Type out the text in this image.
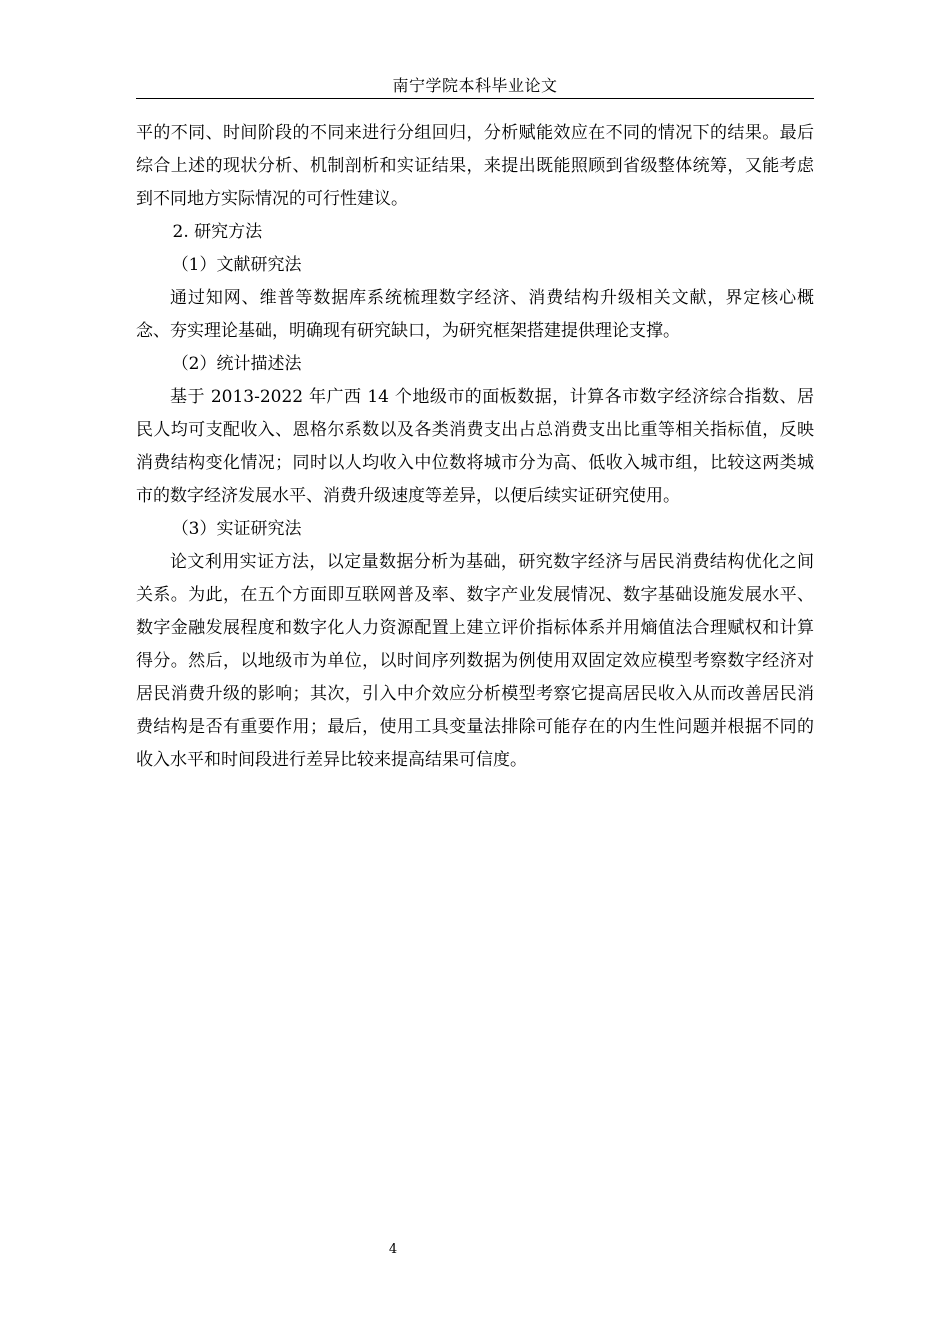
南宁学院本科毕业论文

平的不同、时间阶段的不同来进行分组回归，分析赋能效应在不同的情况下的结果。最后综合上述的现状分析、机制剖析和实证结果，来提出既能照顾到省级整体统筹，又能考虑到不同地方实际情况的可行性建议。

2. 研究方法

（1）文献研究法

通过知网、维普等数据库系统梳理数字经济、消费结构升级相关文献，界定核心概念、夯实理论基础，明确现有研究缺口，为研究框架搭建提供理论支撑。

（2）统计描述法

基于 2013-2022 年广西 14 个地级市的面板数据，计算各市数字经济综合指数、居民人均可支配收入、恩格尔系数以及各类消费支出占总消费支出比重等相关指标值，反映消费结构变化情况；同时以人均收入中位数将城市分为高、低收入城市组，比较这两类城市的数字经济发展水平、消费升级速度等差异，以便后续实证研究使用。

（3）实证研究法

论文利用实证方法，以定量数据分析为基础，研究数字经济与居民消费结构优化之间关系。为此，在五个方面即互联网普及率、数字产业发展情况、数字基础设施发展水平、数字金融发展程度和数字化人力资源配置上建立评价指标体系并用熵值法合理赋权和计算得分。然后，以地级市为单位，以时间序列数据为例使用双固定效应模型考察数字经济对居民消费升级的影响；其次，引入中介效应分析模型考察它提高居民收入从而改善居民消费结构是否有重要作用；最后，使用工具变量法排除可能存在的内生性问题并根据不同的收入水平和时间段进行差异比较来提高结果可信度。

4
